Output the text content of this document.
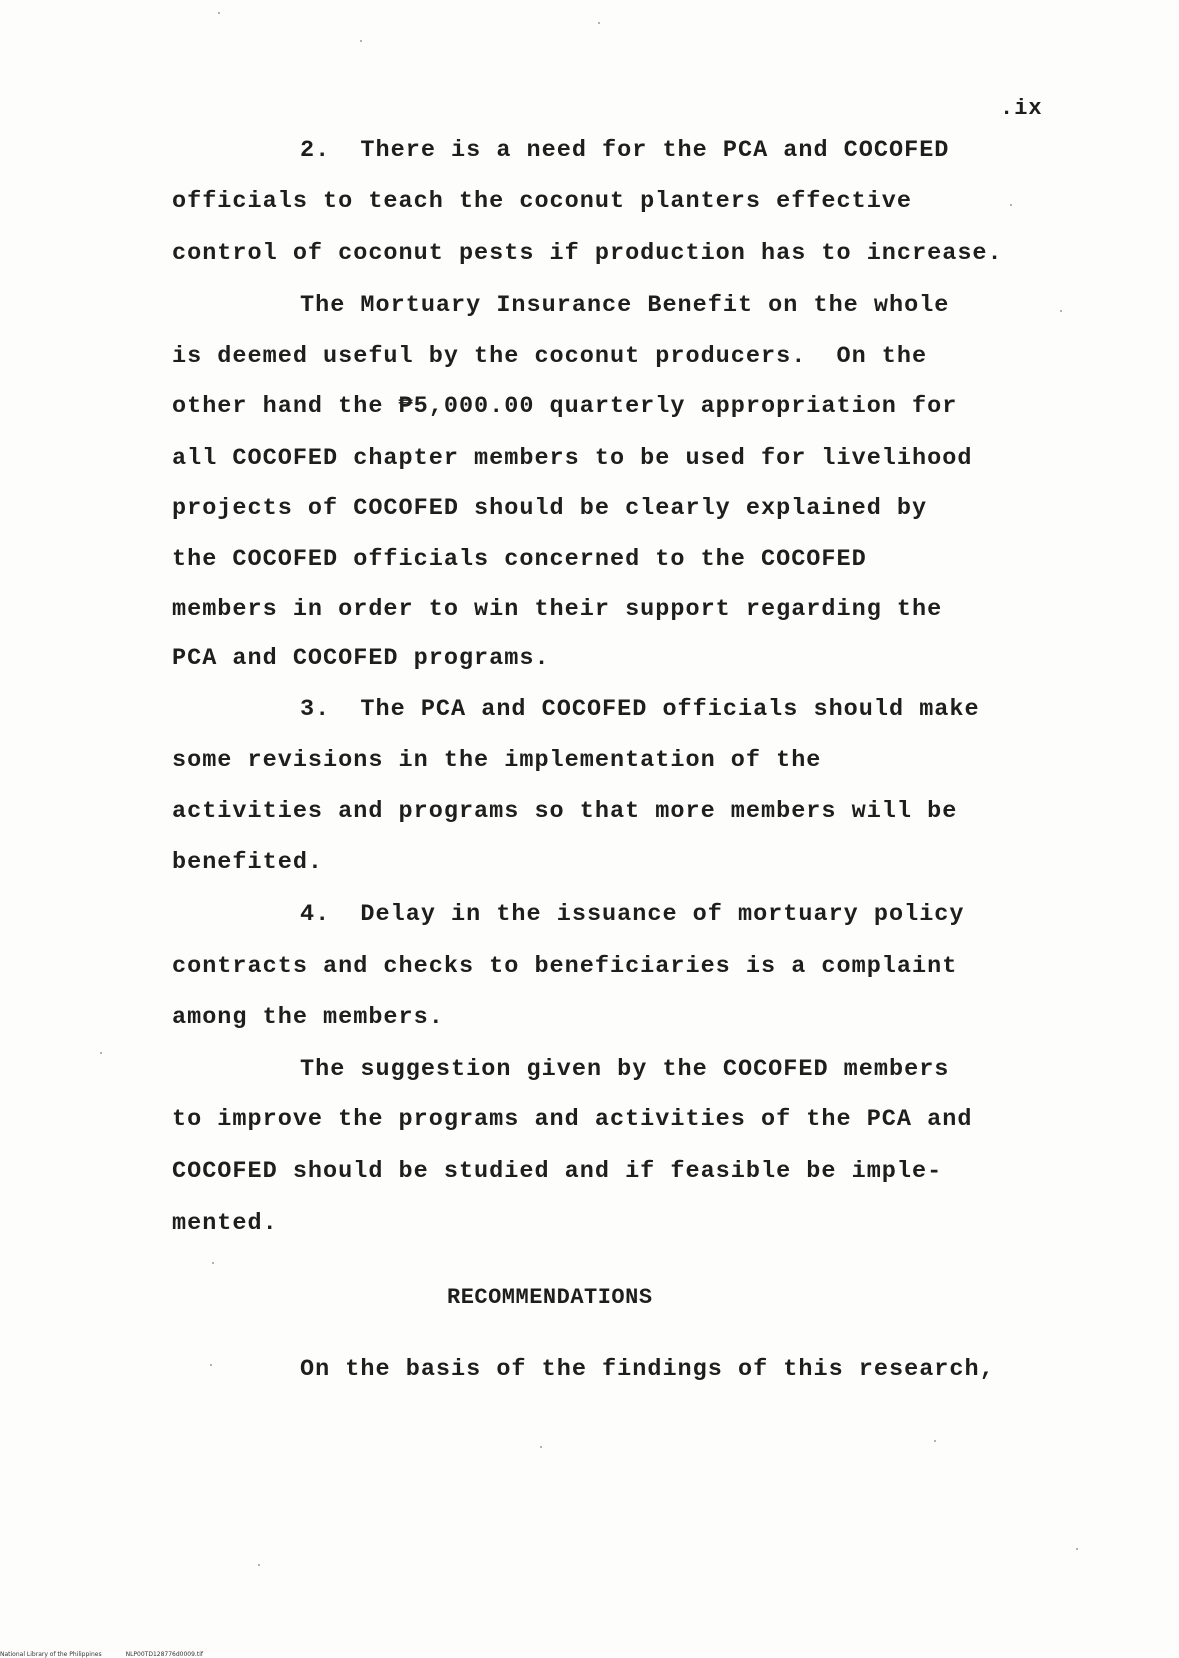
.ix
2.  There is a need for the PCA and COCOFED
officials to teach the coconut planters effective
control of coconut pests if production has to increase.
The Mortuary Insurance Benefit on the whole
is deemed useful by the coconut producers.  On the
other hand the ₱5,000.00 quarterly appropriation for
all COCOFED chapter members to be used for livelihood
projects of COCOFED should be clearly explained by
the COCOFED officials concerned to the COCOFED
members in order to win their support regarding the
PCA and COCOFED programs.
3.  The PCA and COCOFED officials should make
some revisions in the implementation of the
activities and programs so that more members will be
benefited.
4.  Delay in the issuance of mortuary policy
contracts and checks to beneficiaries is a complaint
among the members.
The suggestion given by the COCOFED members
to improve the programs and activities of the PCA and
COCOFED should be studied and if feasible be imple-
mented.
RECOMMENDATIONS
On the basis of the findings of this research,
National Library of the Philippines	NLP00TD128776d0009.tif
